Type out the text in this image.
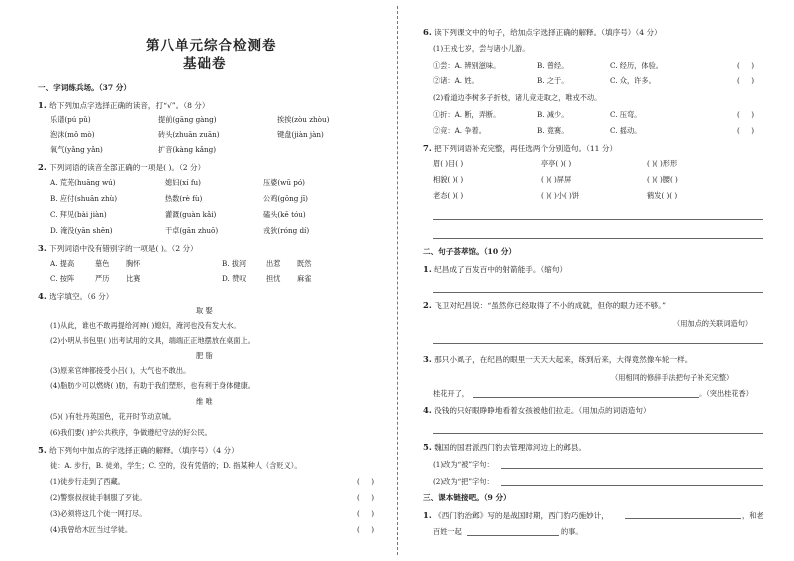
第八单元综合检测卷
基础卷
一、字词练兵场。（37 分）
1. 给下列加点字选择正确的读音，打“√”。（8 分）
乐谱(pú pǔ)	提前(gāng gàng)	挨挨(zòu zhòu)
泡沫(mǒ mò)	砖头(zhuān zuān)	键盘(jiàn jàn)
氧气(yǎng yǎn)	扩音(kàng kǎng)
2. 下列词语的读音全部正确的一项是( )。（2 分）
A. 荒芜(huāng wú)	媳妇(xí fu)	压婆(wū pó)
B. 应付(shuān zhù)	热数(rè fù)	公鸡(gōng jī)
C. 拜见(bài jiàn)	灌溉(guàn kǎi)	磕头(kē tóu)
D. 淹没(yān shēn)	干卓(gān zhuō)	戎狄(róng dí)
3. 下列词语中没有错别字的一项是( )。（2 分）
A. 提高	墓色 胸怀	B. 拔河	出惹 既然
C. 按阵	严历 比赛	D. 赞叹	担忧 麻雀
4. 选字填空。（6 分）
取 娶
(1)从此，谁也不敢再提给河神( )媳妇，淹河也没有发大水。
(2)小明从书包里( )出考试用的文具，端端正正地摆放在桌面上。
肥 脂
(3)原来官绅都接受小吕( )，大气也不敢出。
(4)脂肪少可以燃烧( )肪，有助于我们塑形，也有利于身体健康。
维 唯
(5)( )有牡丹英国色，花开时节动京城。
(6)我们要( )护公共秩序，争做遵纪守法的好公民。
5. 给下列句中加点的字选择正确的解释。（填序号）（4 分）
徒：A. 步行，B. 徒弟，学生；C. 空的，没有凭借的；D. 指某种人（含贬义）。
(1)徒步行走到了西藏。	(     )
(2)警察叔叔徒手制服了歹徒。	(     )
(3)必须将这几个徒一网打尽。	(     )
(4)我曾给木匠当过学徒。	(     )
6. 读下列课文中的句子，给加点字选择正确的解释。（填序号）（4 分）
(1)王戎七岁，尝与诸小儿游。
①尝：A. 辨别滋味。	B. 曾经。	C. 经历，体验。	(     )
②诸：A. 姓。	B. 之于。	C. 众，许多。	(     )
(2)看道边李树多子折枝，诸儿竞走取之，唯戎不动。
①折：A. 断，弄断。	B. 减少。	C. 压弯。	(     )
②竞：A. 争着。	B. 竟赛。	C. 摇动。	(     )
7. 把下列词语补充完整，再任选两个分别造句。（11 分）
眉( )目( )	亭亭( )( )	( )( )形形
相貌( )( )	( )( )屏屏	( )( )腰( )
老态( )( )	( )( )小( )饼	鹤发( )( )
二、句子荟萃馆。（10 分）
1. 纪昌成了百发百中的射箭能手。（缩句）
2. 飞卫对纪昌说：“虽然你已经取得了不小的成就，但你的眼力还不够。”
（用加点的关联词造句）
3. 那只小虱子，在纪昌的眼里一天天大起来，练到后来，大得竟然像车轮一样。
（用相同的修辞手法把句子补充完整）
桂花开了，	。（突出桂花香）
4. 没钱的只好眼睁睁地看着女孩被他们拉走。（用加点的词语造句）
5. 魏国的国君派西门豹去管理漳河边上的邺县。
(1)改为“被”字句：
(2)改为“把”字句：
三、课本链接吧。（9 分）
1. 《西门豹治邺》写的是战国时期，西门豹巧施妙计，	，和老
百姓一起	的事。
